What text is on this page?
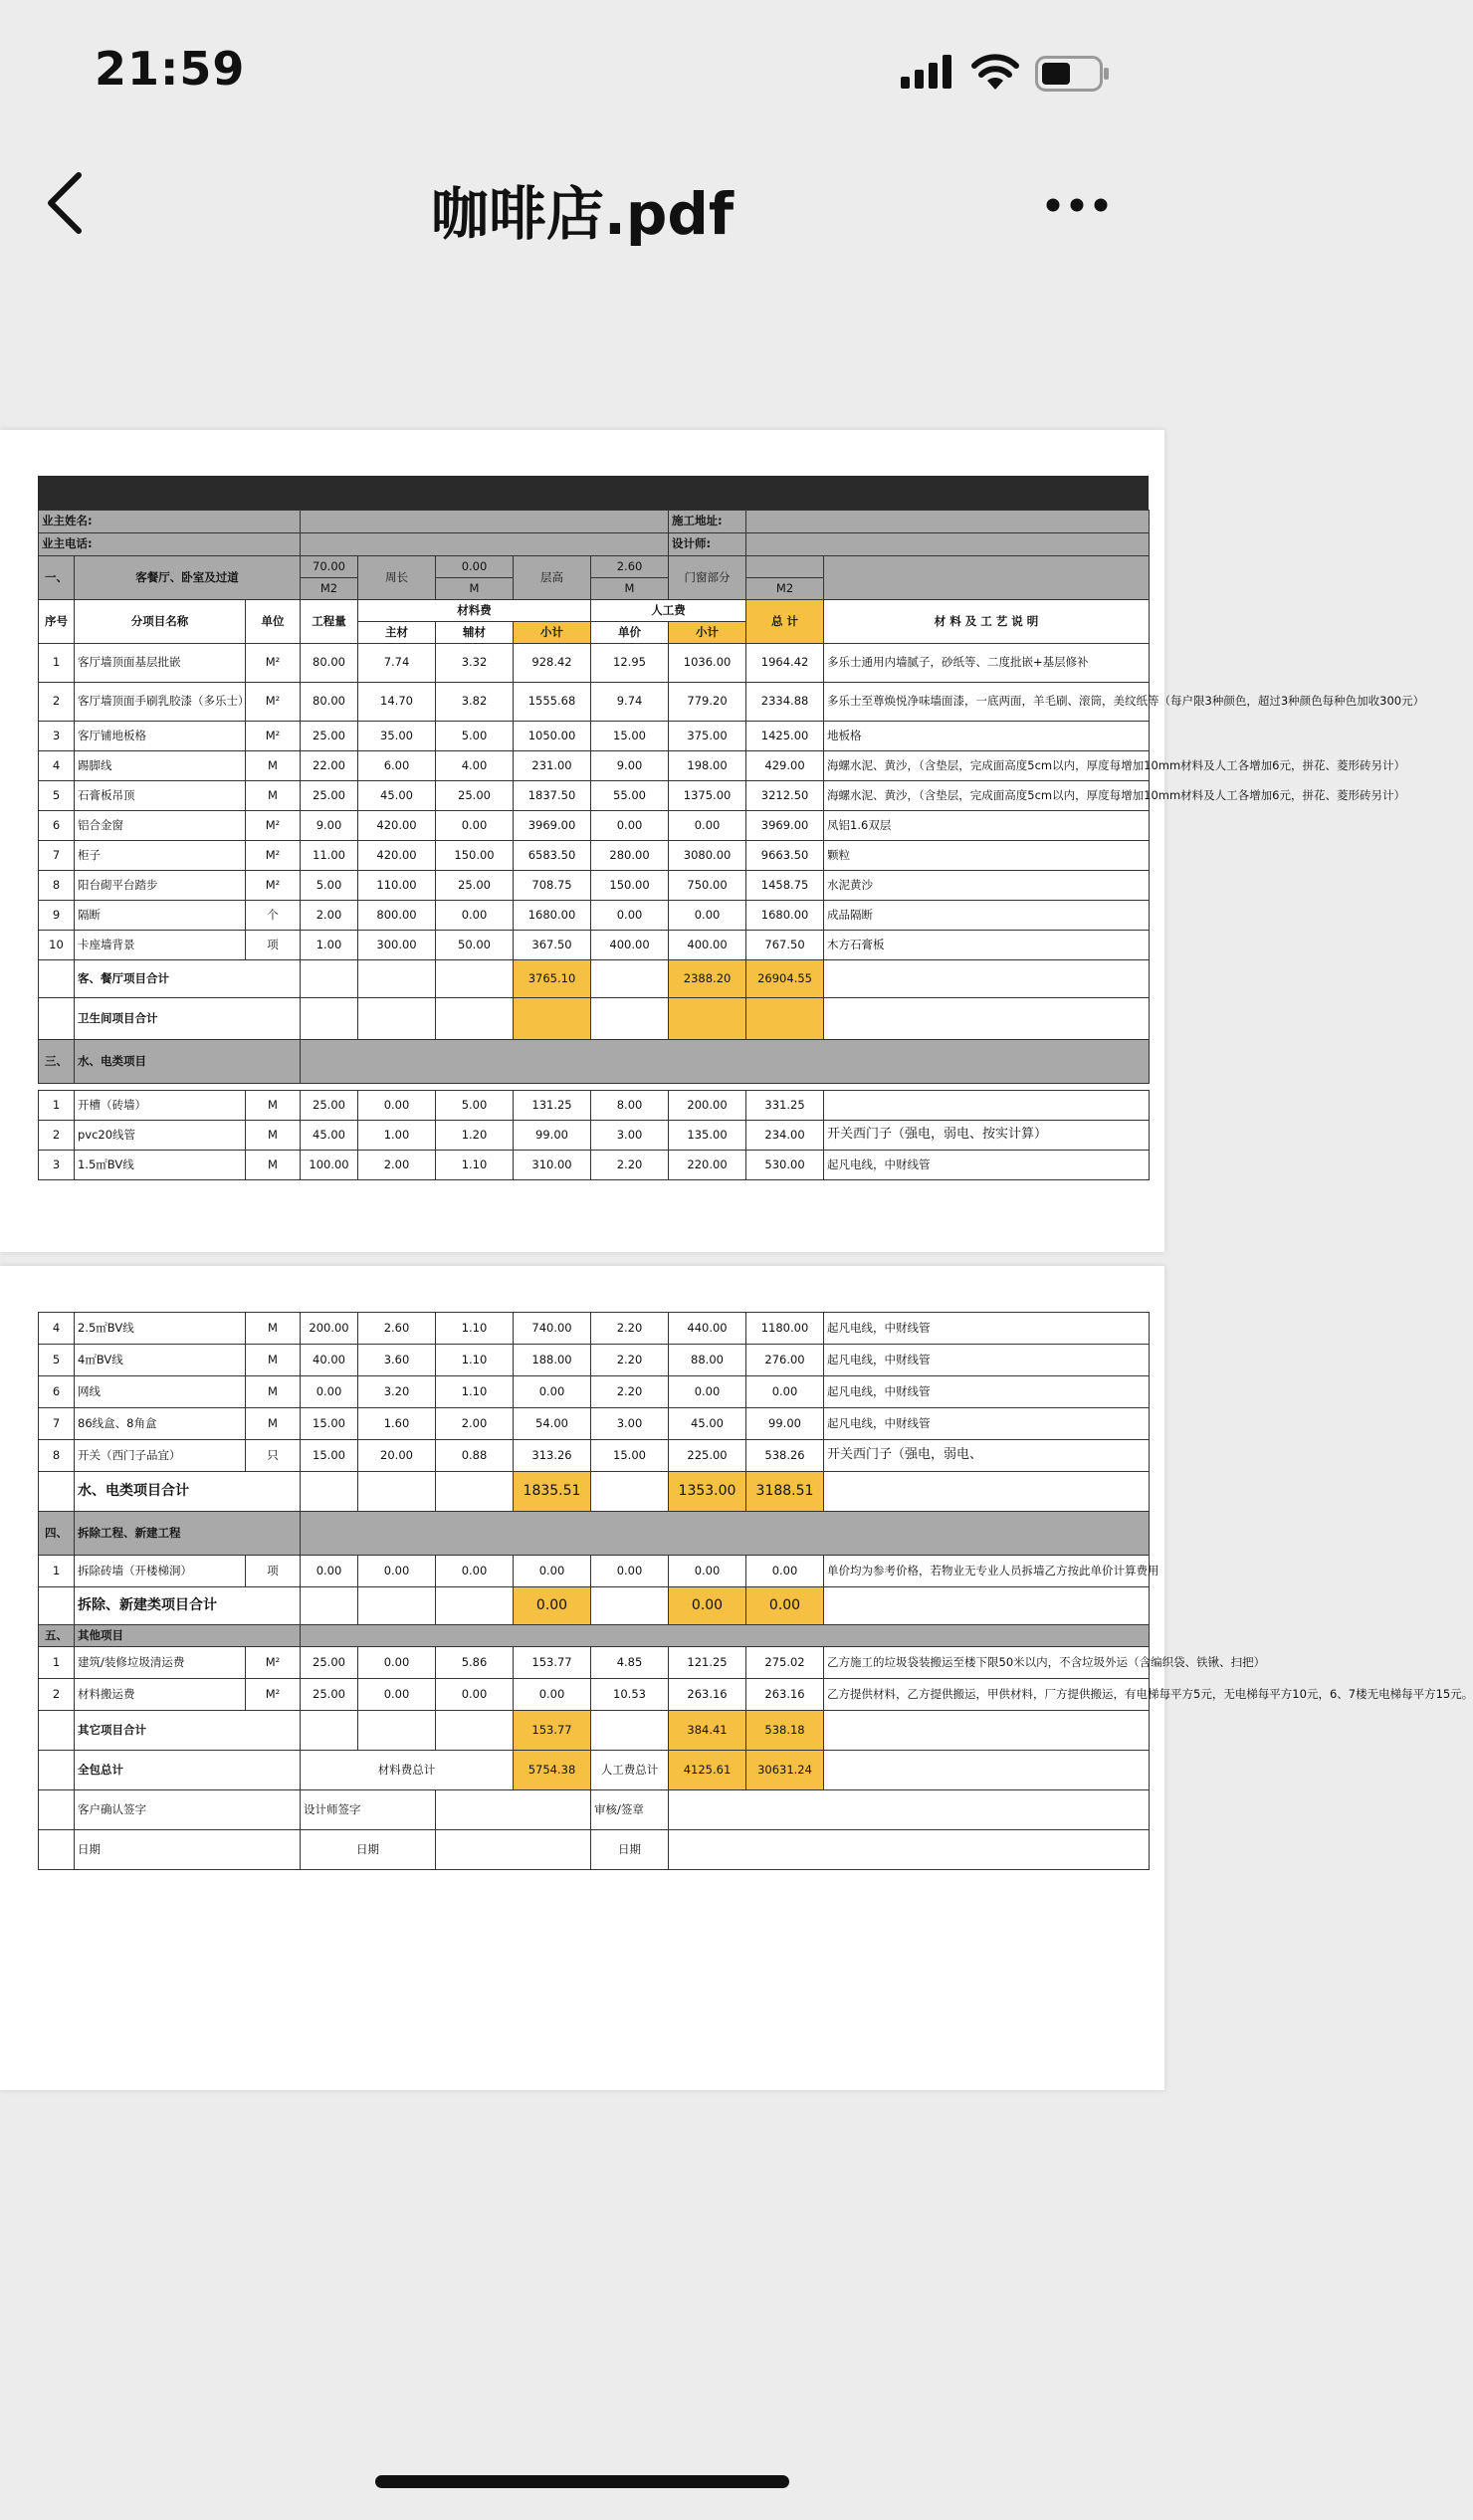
21:59
咖啡店.pdf
业主姓名:								施工地址:		
业主电话:								设计师:		
一、	客餐厅、卧室及过道		70.00	周长	0.00	层高	2.60	门窗部分		
			M2		M		M		M2	
序号	分项目名称	单位	工程量	材料费			人工费		总 计	材 料 及 工 艺 说 明
				主材	辅材	小计	单价	小计		
1	客厅墙顶面基层批嵌	M²	80.00	7.74	3.32	928.42	12.95	1036.00	1964.42	多乐士通用内墙腻子，砂纸等、二度批嵌+基层修补
2	客厅墙顶面手刷乳胶漆（多乐士）	M²	80.00	14.70	3.82	1555.68	9.74	779.20	2334.88	多乐士至尊焕悦净味墙面漆，一底两面，羊毛刷、滚筒，美纹纸等（每户限3种颜色，超过3种颜色每种色加收300元）
3	客厅铺地板格	M²	25.00	35.00	5.00	1050.00	15.00	375.00	1425.00	地板格
4	踢脚线	M	22.00	6.00	4.00	231.00	9.00	198.00	429.00	海螺水泥、黄沙，（含垫层，完成面高度5cm以内，厚度每增加10mm材料及人工各增加6元，拼花、菱形砖另计）
5	石膏板吊顶	M	25.00	45.00	25.00	1837.50	55.00	1375.00	3212.50	海螺水泥、黄沙，（含垫层，完成面高度5cm以内，厚度每增加10mm材料及人工各增加6元，拼花、菱形砖另计）
6	铝合金窗	M²	9.00	420.00	0.00	3969.00	0.00	0.00	3969.00	凤铝1.6双层
7	柜子	M²	11.00	420.00	150.00	6583.50	280.00	3080.00	9663.50	颗粒
8	阳台砌平台踏步	M²	5.00	110.00	25.00	708.75	150.00	750.00	1458.75	水泥黄沙
9	隔断	个	2.00	800.00	0.00	1680.00	0.00	0.00	1680.00	成品隔断
10	卡座墙背景	项	1.00	300.00	50.00	367.50	400.00	400.00	767.50	木方石膏板
	客、餐厅项目合计					3765.10		2388.20	26904.55	
	卫生间项目合计									
三、	水、电类项目									

1	开槽（砖墙）	M	25.00	0.00	5.00	131.25	8.00	200.00	331.25	
2	pvc20线管	M	45.00	1.00	1.20	99.00	3.00	135.00	234.00	开关西门子（强电，弱电、按实计算）
3	1.5㎡BV线	M	100.00	2.00	1.10	310.00	2.20	220.00	530.00	起凡电线，中财线管
4	2.5㎡BV线	M	200.00	2.60	1.10	740.00	2.20	440.00	1180.00	起凡电线，中财线管
5	4㎡BV线	M	40.00	3.60	1.10	188.00	2.20	88.00	276.00	起凡电线，中财线管
6	网线	M	0.00	3.20	1.10	0.00	2.20	0.00	0.00	起凡电线，中财线管
7	86线盒、8角盒	M	15.00	1.60	2.00	54.00	3.00	45.00	99.00	起凡电线，中财线管
8	开关（西门子品宜）	只	15.00	20.00	0.88	313.26	15.00	225.00	538.26	开关西门子（强电，弱电、
	水、电类项目合计					1835.51		1353.00	3188.51	
四、	拆除工程、新建工程									
1	拆除砖墙（开楼梯洞）	项	0.00	0.00	0.00	0.00	0.00	0.00	0.00	单价均为参考价格，若物业无专业人员拆墙乙方按此单价计算费用
	拆除、新建类项目合计					0.00		0.00	0.00	
五、	其他项目									
1	建筑/装修垃圾清运费	M²	25.00	0.00	5.86	153.77	4.85	121.25	275.02	乙方施工的垃圾袋装搬运至楼下限50米以内，不含垃圾外运（含编织袋、铁锹、扫把）
2	材料搬运费	M²	25.00	0.00	0.00	0.00	10.53	263.16	263.16	乙方提供材料，乙方提供搬运，甲供材料，厂方提供搬运，有电梯每平方5元，无电梯每平方10元，6、7楼无电梯每平方15元。
	其它项目合计					153.77		384.41	538.18	
	全包总计		材料费总计			5754.38	人工费总计	4125.61	30631.24	
	客户确认签字		设计师签字				审核/签章			
	日期		日期				日期			
